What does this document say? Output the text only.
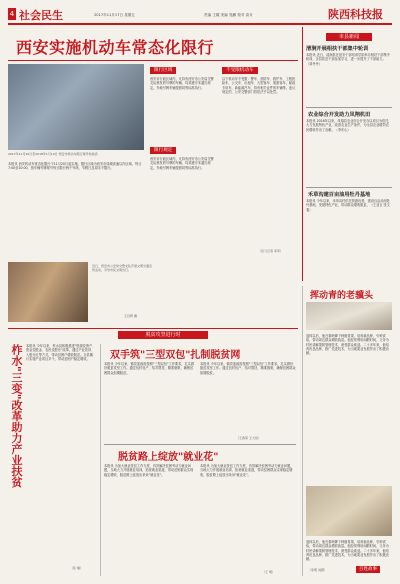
4 社会民生	2017年11月17日 星期五	责编 王耀 美编 苑鹏 校对 高月	陕西科技报
西安实施机动车常态化限行
2017年11月20日至2018年1月19日 西安市机动车限行尾号轮换表
本报讯 西安机动车常态化限行于11月20日起实施。限行区域为西安市绕城高速以内区域，每日7:00至20:00，按车辆号牌尾号每日限行两个号码，节假日及周末不限行。
限行区域
西安市行政区域内，凡持有西安市公安局交警支队核发的号牌的车辆，均须遵守本通告规定。外地号牌车辆按照同等标准执行。
不受限机动车
以下机动车不受限：警车、消防车、救护车、工程抢险车，公交车、出租车、大型客车、旅游客车，邮政专用车，新能源汽车，持有相关证件的车辆等。违反规定的，公安交警部门将依法予以处罚。
限行规定
西安市行政区域内，凡持有西安市公安局交警支队核发的号牌的车辆，均须遵守本通告规定。外地号牌车辆按照同等标准执行。
（见习记者 李军）
近日，西安市公安局交警支队开展文明交通宣传活动，引导市民文明出行。
王丹辉 摄
市县新闻
清涧开展相扶干部集中轮训
本报讯 近日，清涧县在延安干部培训学院举办相扶干部集中轮训，全县扶贫干部参加学习，进一步提升了干部能力。（刘丹丹）
农业综合开发助力凤翔机田
本报讯 2016年以来，凤翔县农业综合开发办以项目为依托，大力发展特色产业，改善农业生产条件，为全县农业增效农民增收作出了贡献。（李东山）
禾草沟建百亩油用牡丹基地
本报讯 今年以来，禾草沟村依托资源优势，建设百亩油用牡丹基地，发展特色产业，带动群众增收脱贫。（王亚玉 张文斐）
脱贫攻坚进行时
柞水"三变"改革助力产业扶贫 本报讯 今年以来，柞水县积极推进"资源变资产、资金变股金、农民变股东"改革，通过产业扶持、入股分红等方式，带动贫困户增收脱贫。全县累计实施产业项目多个，带动贫困户稳定增收。
（张 楠）
双手筑"三型双包"扎制脱贫网
本报讯 今年以来，镇党委政府按照"三型双包"工作要求，扎实做好脱贫攻坚工作。通过包村包户、结对帮扶，精准施策，确保贫困群众如期脱贫。
本报讯 今年以来，镇党委政府按照"三型双包"工作要求，扎实做好脱贫攻坚工作。通过包村包户、结对帮扶，精准施策，确保贫困群众如期脱贫。
（王春荣 王大伦）
脱贫路上绽放"就业花"
本报讯 为加大就业扶贫工作力度，有效解决贫困劳动力就业问题，当地大力开展就业培训，拓宽就业渠道，带动贫困群众实现稳定增收，脱贫路上绽放出朵朵"就业花"。
本报讯 为加大就业扶贫工作力度，有效解决贫困劳动力就业问题，当地大力开展就业培训，拓宽就业渠道，带动贫困群众实现稳定增收，脱贫路上绽放出朵朵"就业花"。
（王 明）
挥动青的老骥头
退休以后，他在秦岭脚下种植青果，培育新品种，引种试验，带动周边群众增收致富。他经常利用闲暇时间，义务为村民讲解果树管理技术，深受群众欢迎。二十多年来，他培育优良品种，推广先进技术，为当地果业发展作出了积极贡献。
退休以后，他在秦岭脚下种植青果，培育新品种，引种试验，带动周边群众增收致富。他经常利用闲暇时间，义务为村民讲解果树管理技术，深受群众欢迎。二十多年来，他培育优良品种，推广先进技术，为当地果业发展作出了积极贡献。
（李明 刘霞）	百姓故事
